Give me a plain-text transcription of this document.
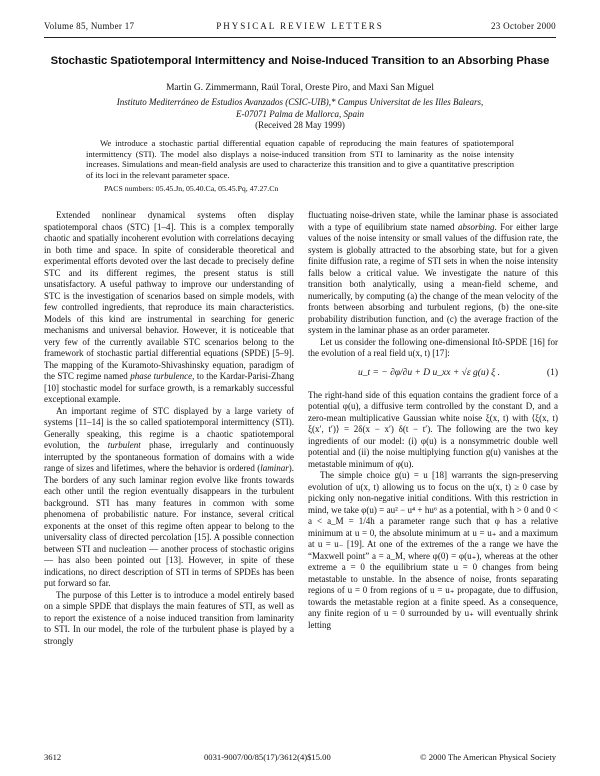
Volume 85, Number 17	PHYSICAL REVIEW LETTERS	23 October 2000
Stochastic Spatiotemporal Intermittency and Noise-Induced Transition to an Absorbing Phase
Martin G. Zimmermann, Raúl Toral, Oreste Piro, and Maxi San Miguel
Instituto Mediterráneo de Estudios Avanzados (CSIC-UIB),* Campus Universitat de les Illes Balears,
E-07071 Palma de Mallorca, Spain
(Received 28 May 1999)
We introduce a stochastic partial differential equation capable of reproducing the main features of spatiotemporal intermittency (STI). The model also displays a noise-induced transition from STI to laminarity as the noise intensity increases. Simulations and mean-field analysis are used to characterize this transition and to give a quantitative prescription of its loci in the relevant parameter space.
PACS numbers: 05.45.Jn, 05.40.Ca, 05.45.Pq, 47.27.Cn

Extended nonlinear dynamical systems often display spatiotemporal chaos (STC) [1–4]. This is a complex temporally chaotic and spatially incoherent evolution with correlations decaying in both time and space. In spite of considerable theoretical and experimental efforts devoted over the last decade to precisely define STC and its different regimes, the present status is still unsatisfactory. A useful pathway to improve our understanding of STC is the investigation of scenarios based on simple models, with few controlled ingredients, that reproduce its main characteristics. Models of this kind are instrumental in searching for generic mechanisms and universal behavior. However, it is noticeable that very few of the currently available STC scenarios belong to the framework of stochastic partial differential equations (SPDE) [5–9]. The mapping of the Kuramoto-Shivashinsky equation, paradigm of the STC regime named phase turbulence, to the Kardar-Parisi-Zhang [10] stochastic model for surface growth, is a remarkably successful exceptional example.

An important regime of STC displayed by a large variety of systems [11–14] is the so called spatiotemporal intermittency (STI). Generally speaking, this regime is a chaotic spatiotemporal evolution, the turbulent phase, irregularly and continuously interrupted by the spontaneous formation of domains with a wide range of sizes and lifetimes, where the behavior is ordered (laminar). The borders of any such laminar region evolve like fronts towards each other until the region eventually disappears in the turbulent background. STI has many features in common with some phenomena of probabilistic nature. For instance, several critical exponents at the onset of this regime often appear to belong to the universality class of directed percolation [15]. A possible connection between STI and nucleation — another process of stochastic origins — has also been pointed out [13]. However, in spite of these indications, no direct description of STI in terms of SPDEs has been put forward so far.

The purpose of this Letter is to introduce a model entirely based on a simple SPDE that displays the main features of STI, as well as to report the existence of a noise induced transition from laminarity to STI. In our model, the role of the turbulent phase is played by a strongly

fluctuating noise-driven state, while the laminar phase is associated with a type of equilibrium state named absorbing. For either large values of the noise intensity or small values of the diffusion rate, the system is globally attracted to the absorbing state, but for a given finite diffusion rate, a regime of STI sets in when the noise intensity falls below a critical value. We investigate the nature of this transition both analytically, using a mean-field scheme, and numerically, by computing (a) the change of the mean velocity of the fronts between absorbing and turbulent regions, (b) the one-site probability distribution function, and (c) the average fraction of the system in the laminar phase as an order parameter.

Let us consider the following one-dimensional Itô-SPDE [16] for the evolution of a real field u(x, t) [17]:

u_t = − ∂φ/∂u + D u_xx + √ε g(u) ξ .	(1)

The right-hand side of this equation contains the gradient force of a potential φ(u), a diffusive term controlled by the constant D, and a zero-mean multiplicative Gaussian white noise ξ(x, t) with ⟨ξ(x, t) ξ(x′, t′)⟩ = 2δ(x − x′) δ(t − t′). The following are the two key ingredients of our model: (i) φ(u) is a nonsymmetric double well potential and (ii) the noise multiplying function g(u) vanishes at the metastable minimum of φ(u).

The simple choice g(u) = u [18] warrants the sign-preserving evolution of u(x, t) allowing us to focus on the u(x, t) ≥ 0 case by picking only non-negative initial conditions. With this restriction in mind, we take φ(u) = au² − u⁴ + hu⁶ as a potential, with h > 0 and 0 < a < a_M = 1/4h a parameter range such that φ has a relative minimum at u = 0, the absolute minimum at u = u₊ and a maximum at u = u₋ [19]. At one of the extremes of the a range we have the “Maxwell point” a = a_M, where φ(0) = φ(u₊), whereas at the other extreme a = 0 the equilibrium state u = 0 changes from being metastable to unstable. In the absence of noise, fronts separating regions of u = 0 from regions of u = u₊ propagate, due to diffusion, towards the metastable region at a finite speed. As a consequence, any finite region of u = 0 surrounded by u₊ will eventually shrink letting

3612	0031-9007/00/85(17)/3612(4)$15.00	© 2000 The American Physical Society
